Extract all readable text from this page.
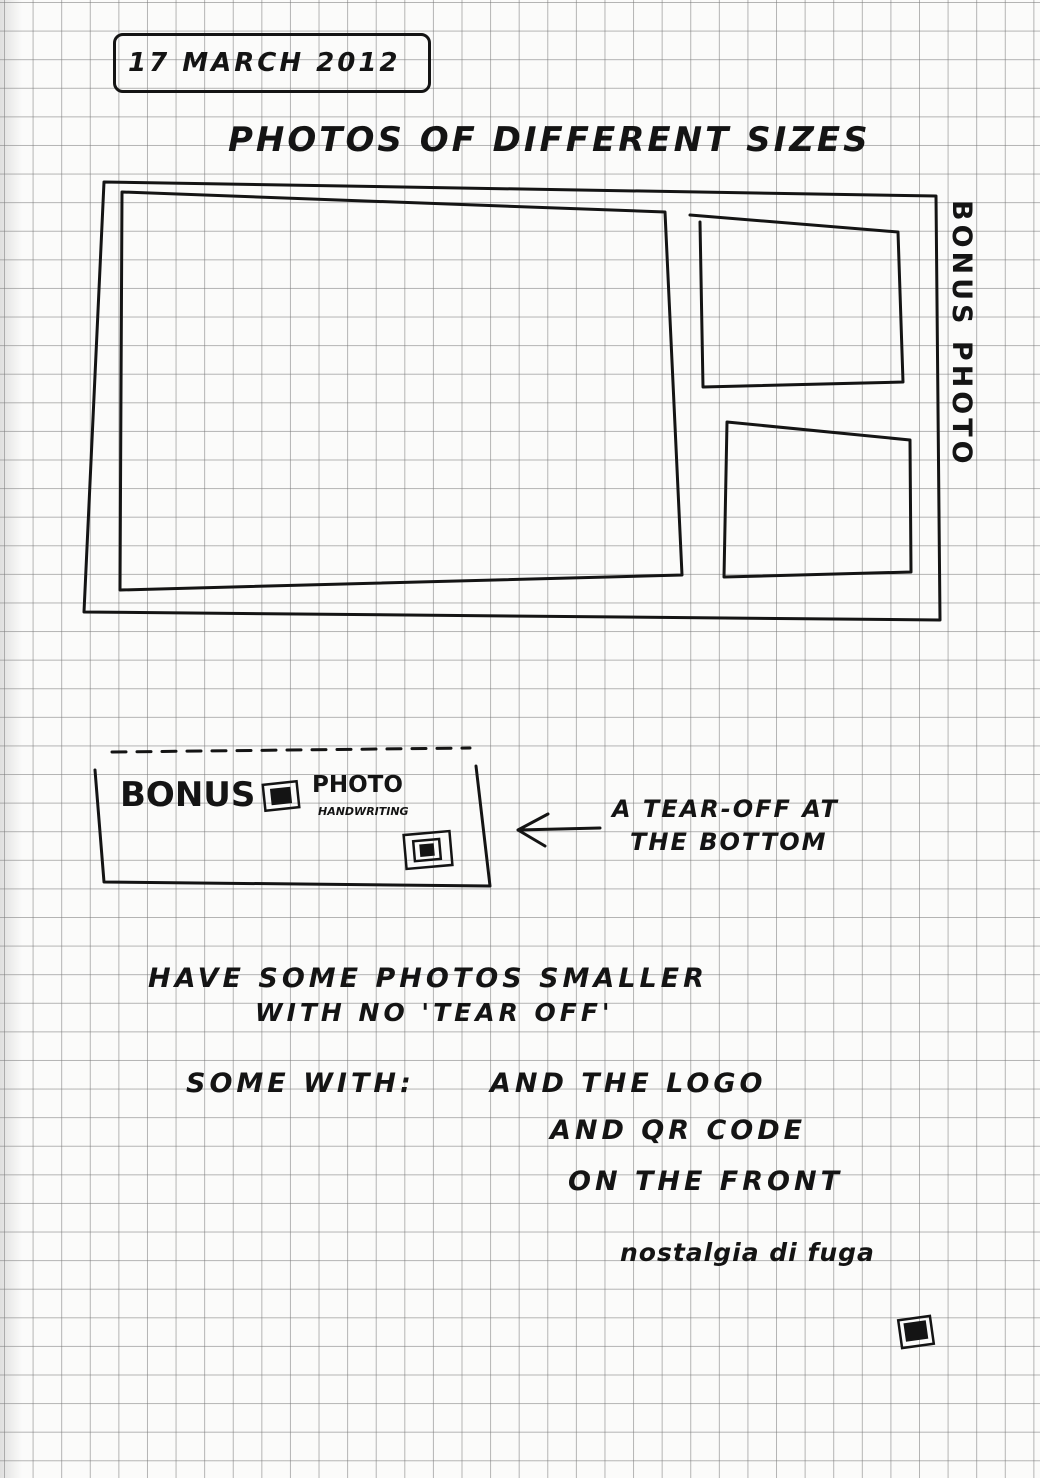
17 MARCH 2012
PHOTOS OF DIFFERENT SIZES
BONUS PHOTO
BONUS PHOTO
HANDWRITING	A TEAR-OFF AT
THE BOTTOM
HAVE SOME PHOTOS SMALLER
WITH NO 'TEAR OFF'
SOME WITH:	AND THE LOGO
AND QR CODE
ON THE FRONT
nostalgia di fuga
